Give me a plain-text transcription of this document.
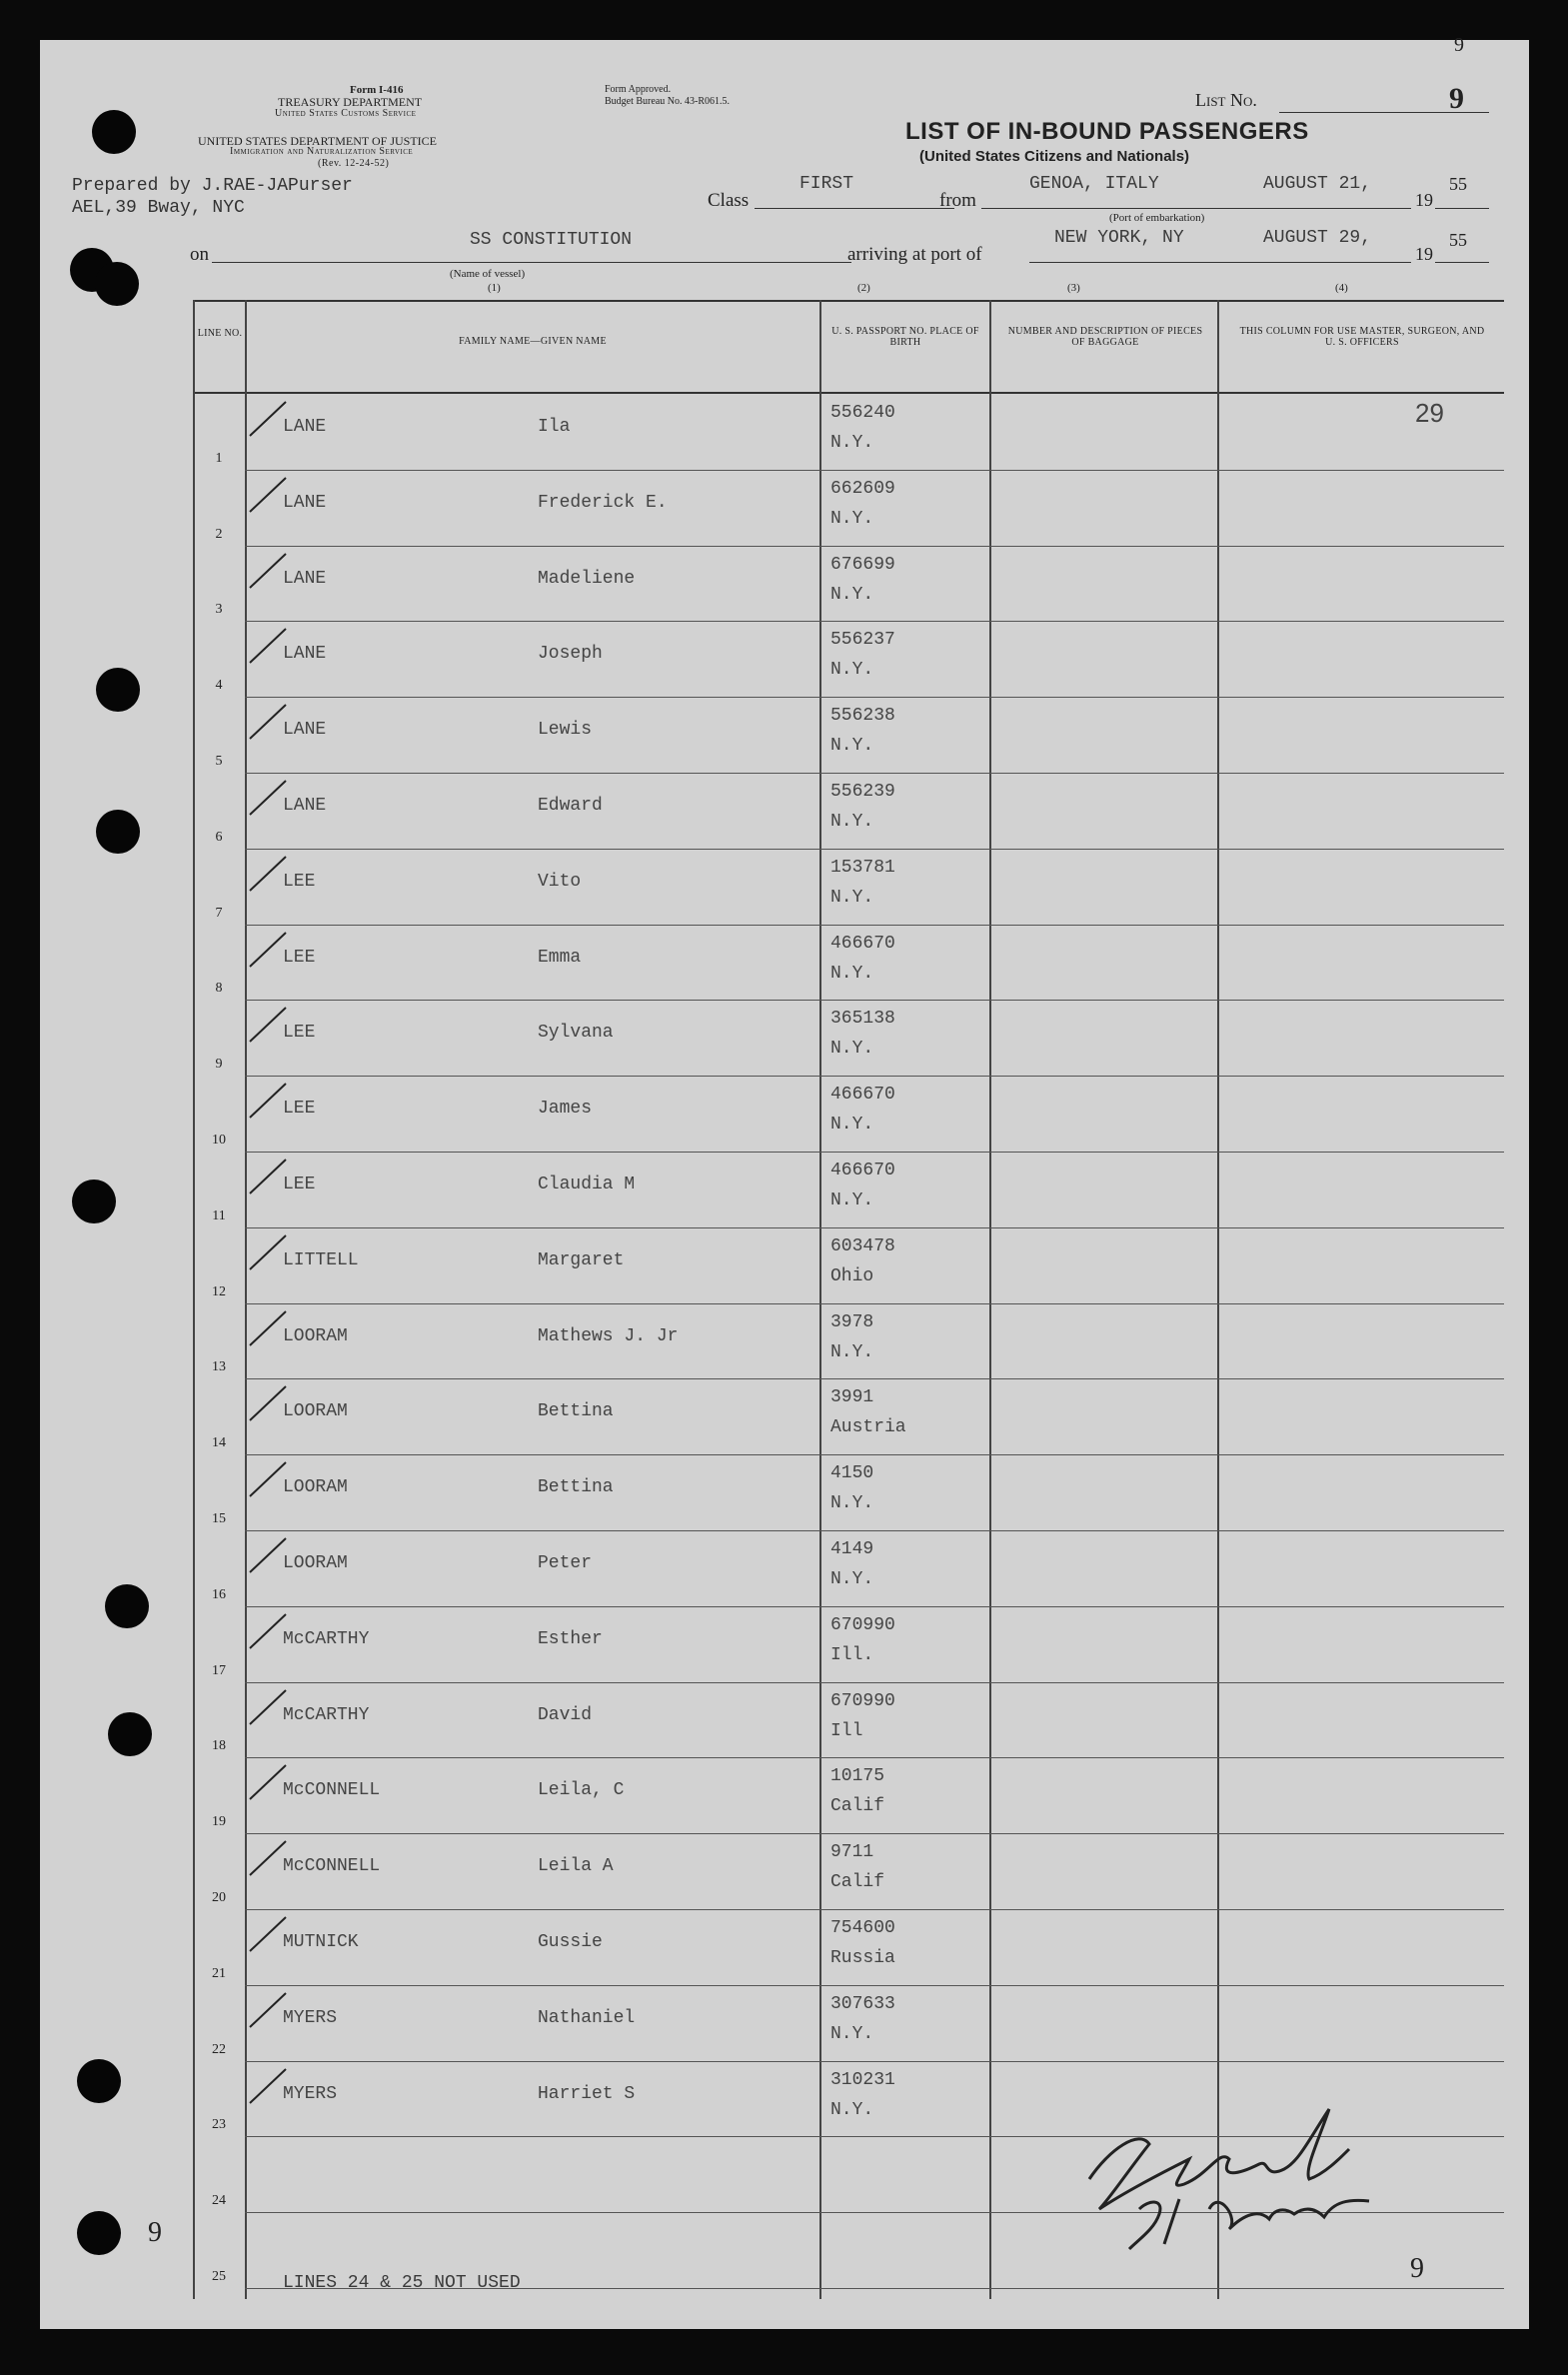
Form I-416
TREASURY DEPARTMENT
United States Customs Service
UNITED STATES DEPARTMENT OF JUSTICE
Immigration and Naturalization Service
(Rev. 12-24-52)
Prepared by J.RAE-JAPurser
AEL,39 Bway, NYC
Form Approved.
Budget Bureau No. 43-R061.5.
LIST OF IN-BOUND PASSENGERS
(United States Citizens and Nationals)
List No.	9
9
Class
FIRST
from
GENOA, ITALY	AUGUST 21,
19
55
on
SS CONSTITUTION
(Name of vessel)
(1)
arriving at port of
NEW YORK, NY	AUGUST 29,
19
55
(Port of embarkation)
(2)	(3)	(4)
LINE NO.
FAMILY NAME—GIVEN NAME
U. S. PASSPORT NO. PLACE OF BIRTH
NUMBER AND DESCRIPTION OF PIECES OF BAGGAGE
THIS COLUMN FOR USE MASTER, SURGEON, AND U. S. OFFICERS
29
1
LANE	Ila
556240
N.Y.
2
LANE	Frederick E.
662609
N.Y.
3
LANE	Madeliene
676699
N.Y.
4
LANE	Joseph
556237
N.Y.
5
LANE	Lewis
556238
N.Y.
6
LANE	Edward
556239
N.Y.
7
LEE	Vito
153781
N.Y.
8
LEE	Emma
466670
N.Y.
9
LEE	Sylvana
365138
N.Y.
10
LEE	James
466670
N.Y.
11
LEE	Claudia M
466670
N.Y.
12
LITTELL	Margaret
603478
Ohio
13
LOORAM	Mathews J. Jr
3978
N.Y.
14
LOORAM	Bettina
3991
Austria
15
LOORAM	Bettina
4150
N.Y.
16
LOORAM	Peter
4149
N.Y.
17
McCARTHY	Esther
670990
Ill.
18
McCARTHY	David
670990
Ill
19
McCONNELL	Leila, C
10175
Calif
20
McCONNELL	Leila A
9711
Calif
21
MUTNICK	Gussie
754600
Russia
22
MYERS	Nathaniel
307633
N.Y.
23
MYERS	Harriet S
310231
N.Y.
24
25	LINES 24 & 25 NOT USED	9
9
